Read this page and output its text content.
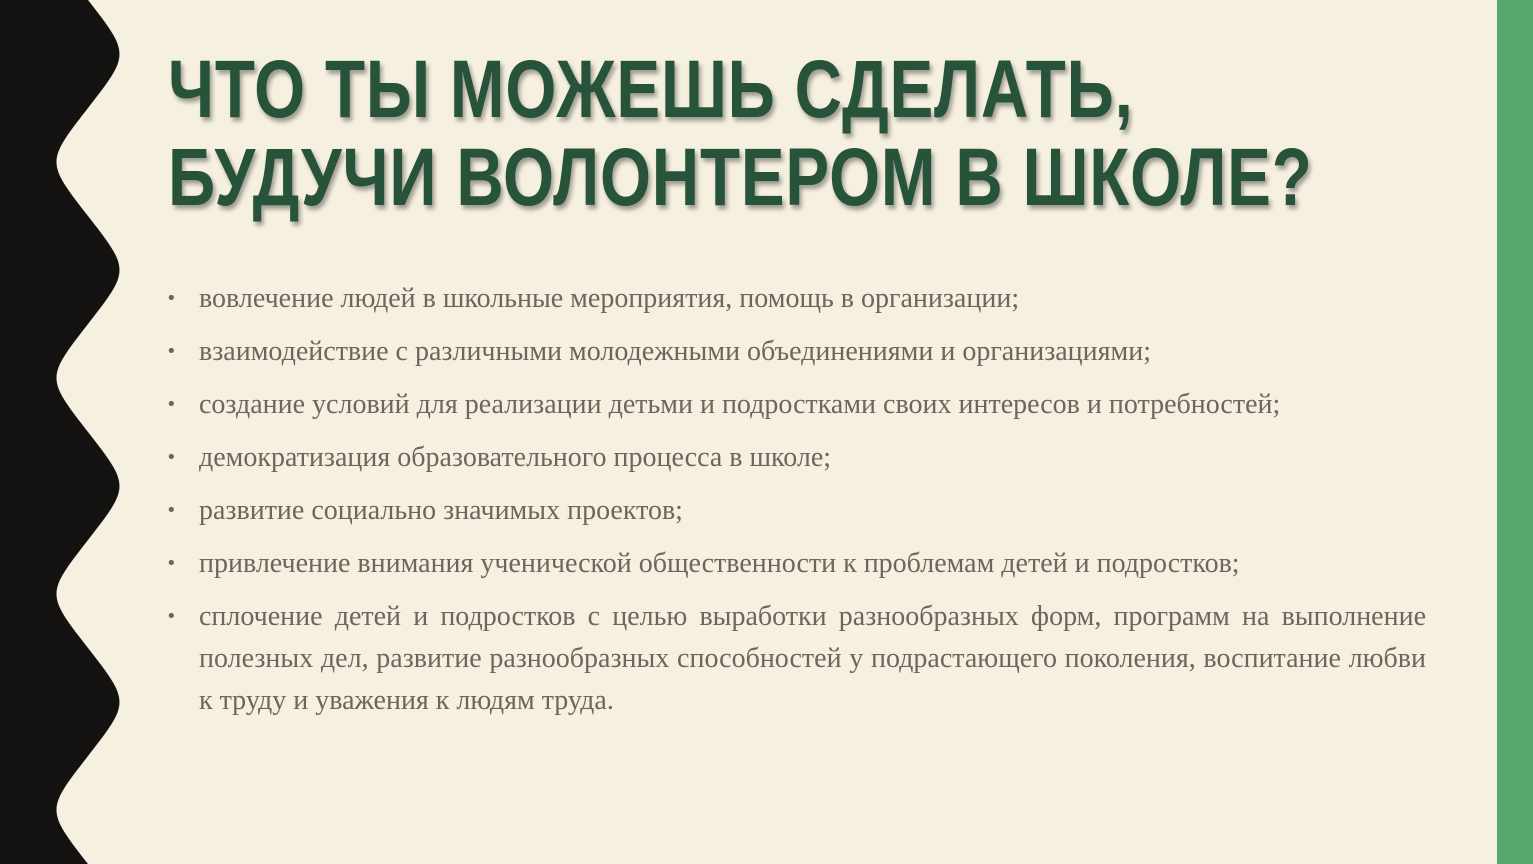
ЧТО ТЫ МОЖЕШЬ СДЕЛАТЬ,
БУДУЧИ ВОЛОНТЕРОМ В ШКОЛЕ?
• вовлечение людей в школьные мероприятия, помощь в организации;
• взаимодействие с различными молодежными объединениями и организациями;
• создание условий для реализации детьми и подростками своих интересов и потребностей;
• демократизация образовательного процесса в школе;
• развитие социально значимых проектов;
• привлечение внимания ученической общественности к проблемам детей и подростков;
• сплочение детей и подростков с целью выработки разнообразных форм, программ на выполнение полезных дел, развитие разнообразных способностей у подрастающего поколения, воспитание любви к труду и уважения к людям труда.
